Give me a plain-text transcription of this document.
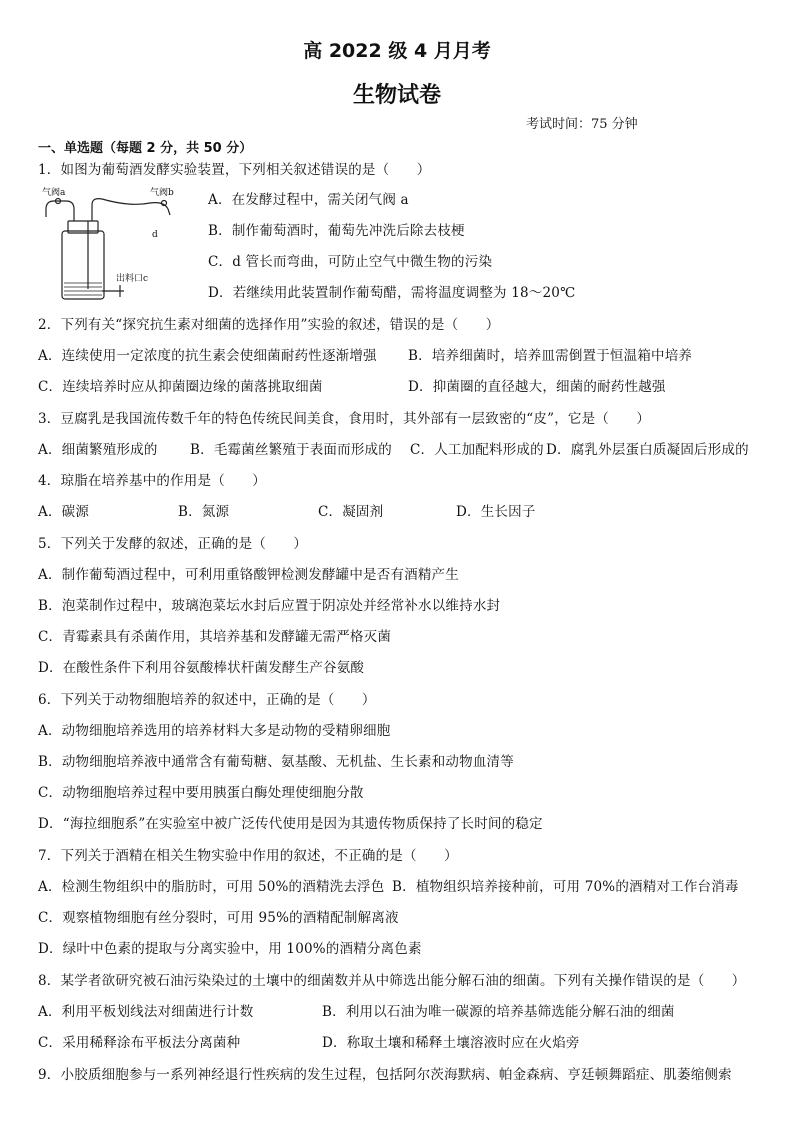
高 2022 级 4 月月考
生物试卷
考试时间：75 分钟
一、单选题（每题 2 分，共 50 分）
1．如图为葡萄酒发酵实验装置，下列相关叙述错误的是（　　）
气阀a	气阀b
d
出料口c
A．在发酵过程中，需关闭气阀 a
B．制作葡萄酒时，葡萄先冲洗后除去枝梗
C．d 管长而弯曲，可防止空气中微生物的污染
D．若继续用此装置制作葡萄醋，需将温度调整为 18～20℃
2．下列有关“探究抗生素对细菌的选择作用”实验的叙述，错误的是（　　）
A．连续使用一定浓度的抗生素会使细菌耐药性逐渐增强 B．培养细菌时，培养皿需倒置于恒温箱中培养
C．连续培养时应从抑菌圈边缘的菌落挑取细菌	D．抑菌圈的直径越大，细菌的耐药性越强
3．豆腐乳是我国流传数千年的特色传统民间美食，食用时，其外部有一层致密的“皮”，它是（　　）
A．细菌繁殖形成的 B．毛霉菌丝繁殖于表面而形成的 C．人工加配料形成的 D．腐乳外层蛋白质凝固后形成的
4．琼脂在培养基中的作用是（　　）
A．碳源	B．氮源	C．凝固剂	D．生长因子
5．下列关于发酵的叙述，正确的是（　　）
A．制作葡萄酒过程中，可利用重铬酸钾检测发酵罐中是否有酒精产生
B．泡菜制作过程中，玻璃泡菜坛水封后应置于阴凉处并经常补水以维持水封
C．青霉素具有杀菌作用，其培养基和发酵罐无需严格灭菌
D．在酸性条件下利用谷氨酸棒状杆菌发酵生产谷氨酸
6．下列关于动物细胞培养的叙述中，正确的是（　　）
A．动物细胞培养选用的培养材料大多是动物的受精卵细胞
B．动物细胞培养液中通常含有葡萄糖、氨基酸、无机盐、生长素和动物血清等
C．动物细胞培养过程中要用胰蛋白酶处理使细胞分散
D．“海拉细胞系”在实验室中被广泛传代使用是因为其遗传物质保持了长时间的稳定
7．下列关于酒精在相关生物实验中作用的叙述，不正确的是（　　）
A．检测生物组织中的脂肪时，可用 50%的酒精洗去浮色 B．植物组织培养接种前，可用 70%的酒精对工作台消毒
C．观察植物细胞有丝分裂时，可用 95%的酒精配制解离液
D．绿叶中色素的提取与分离实验中，用 100%的酒精分离色素
8．某学者欲研究被石油污染染过的土壤中的细菌数并从中筛选出能分解石油的细菌。下列有关操作错误的是（　　）
A．利用平板划线法对细菌进行计数	B．利用以石油为唯一碳源的培养基筛选能分解石油的细菌
C．采用稀释涂布平板法分离菌种	D．称取土壤和稀释土壤溶液时应在火焰旁
9．小胶质细胞参与一系列神经退行性疾病的发生过程，包括阿尔茨海默病、帕金森病、亨廷顿舞蹈症、肌萎缩侧索
